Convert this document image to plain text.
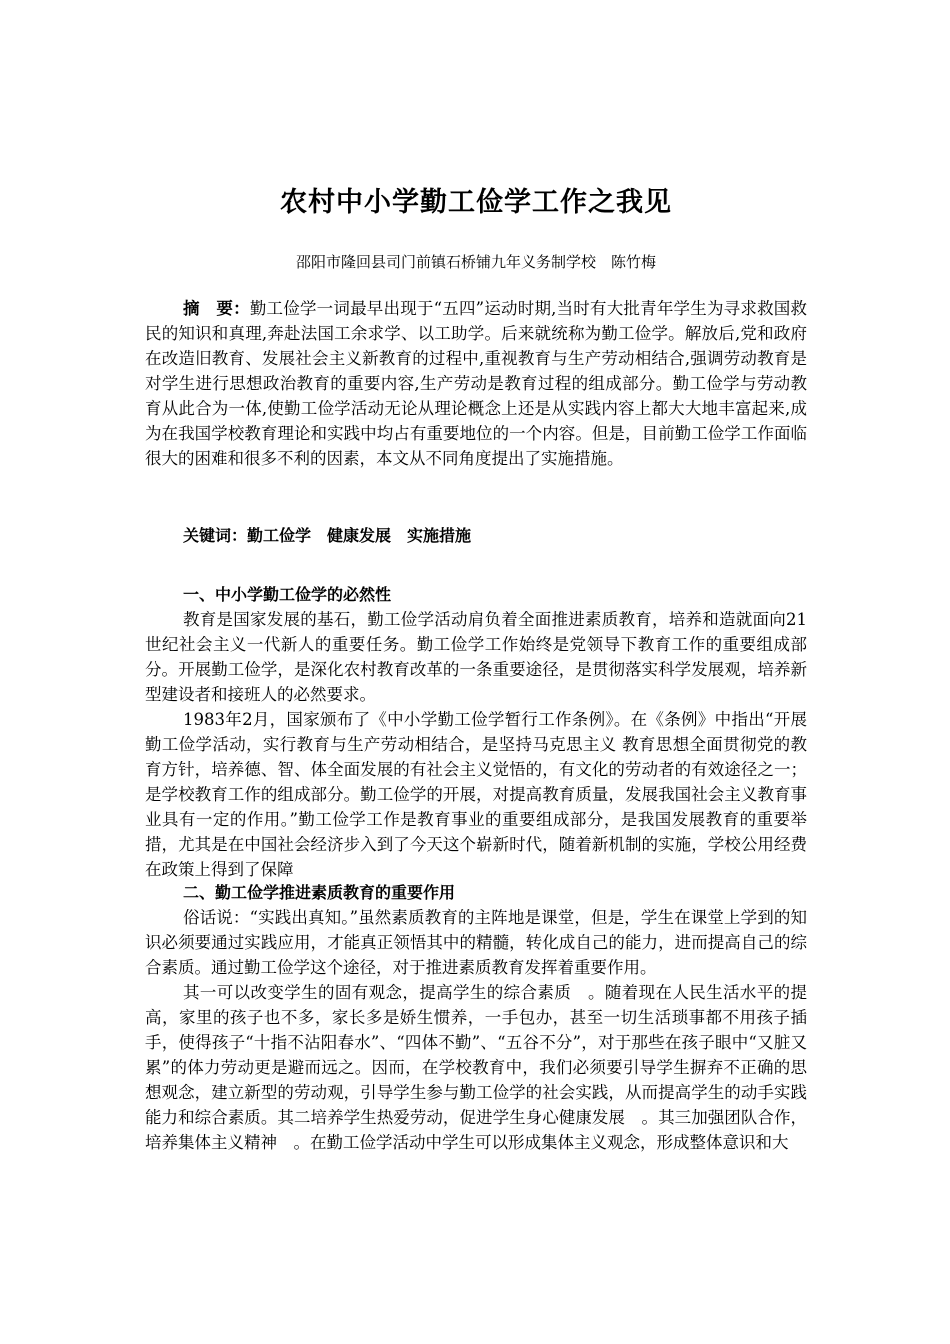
农村中小学勤工俭学工作之我见
邵阳市隆回县司门前镇石桥铺九年义务制学校　陈竹梅
摘　要：勤工俭学一词最早出现于“五四”运动时期,当时有大批青年学生为寻求救国救民的知识和真理,奔赴法国工余求学、以工助学。后来就统称为勤工俭学。解放后,党和政府在改造旧教育、发展社会主义新教育的过程中,重视教育与生产劳动相结合,强调劳动教育是对学生进行思想政治教育的重要内容,生产劳动是教育过程的组成部分。勤工俭学与劳动教育从此合为一体,使勤工俭学活动无论从理论概念上还是从实践内容上都大大地丰富起来,成为在我国学校教育理论和实践中均占有重要地位的一个内容。但是，目前勤工俭学工作面临很大的困难和很多不利的因素，本文从不同角度提出了实施措施。
关键词：勤工俭学　健康发展　实施措施
一、中小学勤工俭学的必然性

教育是国家发展的基石，勤工俭学活动肩负着全面推进素质教育，培养和造就面向21世纪社会主义一代新人的重要任务。勤工俭学工作始终是党领导下教育工作的重要组成部分。开展勤工俭学，是深化农村教育改革的一条重要途径，是贯彻落实科学发展观，培养新型建设者和接班人的必然要求。

1983年2月，国家颁布了《中小学勤工俭学暂行工作条例》。在《条例》中指出“开展勤工俭学活动，实行教育与生产劳动相结合，是坚持马克思主义 教育思想全面贯彻党的教育方针，培养德、智、体全面发展的有社会主义觉悟的，有文化的劳动者的有效途径之一；是学校教育工作的组成部分。勤工俭学的开展，对提高教育质量，发展我国社会主义教育事业具有一定的作用。”勤工俭学工作是教育事业的重要组成部分，是我国发展教育的重要举措，尤其是在中国社会经济步入到了今天这个崭新时代，随着新机制的实施，学校公用经费在政策上得到了保障

二、勤工俭学推进素质教育的重要作用

俗话说：“实践出真知。”虽然素质教育的主阵地是课堂，但是，学生在课堂上学到的知识必须要通过实践应用，才能真正领悟其中的精髓，转化成自己的能力，进而提高自己的综合素质。通过勤工俭学这个途径，对于推进素质教育发挥着重要作用。

其一可以改变学生的固有观念，提高学生的综合素质　。随着现在人民生活水平的提高，家里的孩子也不多，家长多是娇生惯养，一手包办，甚至一切生活琐事都不用孩子插手，使得孩子“十指不沾阳春水”、“四体不勤”、“五谷不分”，对于那些在孩子眼中“又脏又累”的体力劳动更是避而远之。因而，在学校教育中，我们必须要引导学生摒弃不正确的思想观念，建立新型的劳动观，引导学生参与勤工俭学的社会实践，从而提高学生的动手实践能力和综合素质。其二培养学生热爱劳动，促进学生身心健康发展　。其三加强团队合作，培养集体主义精神　。在勤工俭学活动中学生可以形成集体主义观念，形成整体意识和大
